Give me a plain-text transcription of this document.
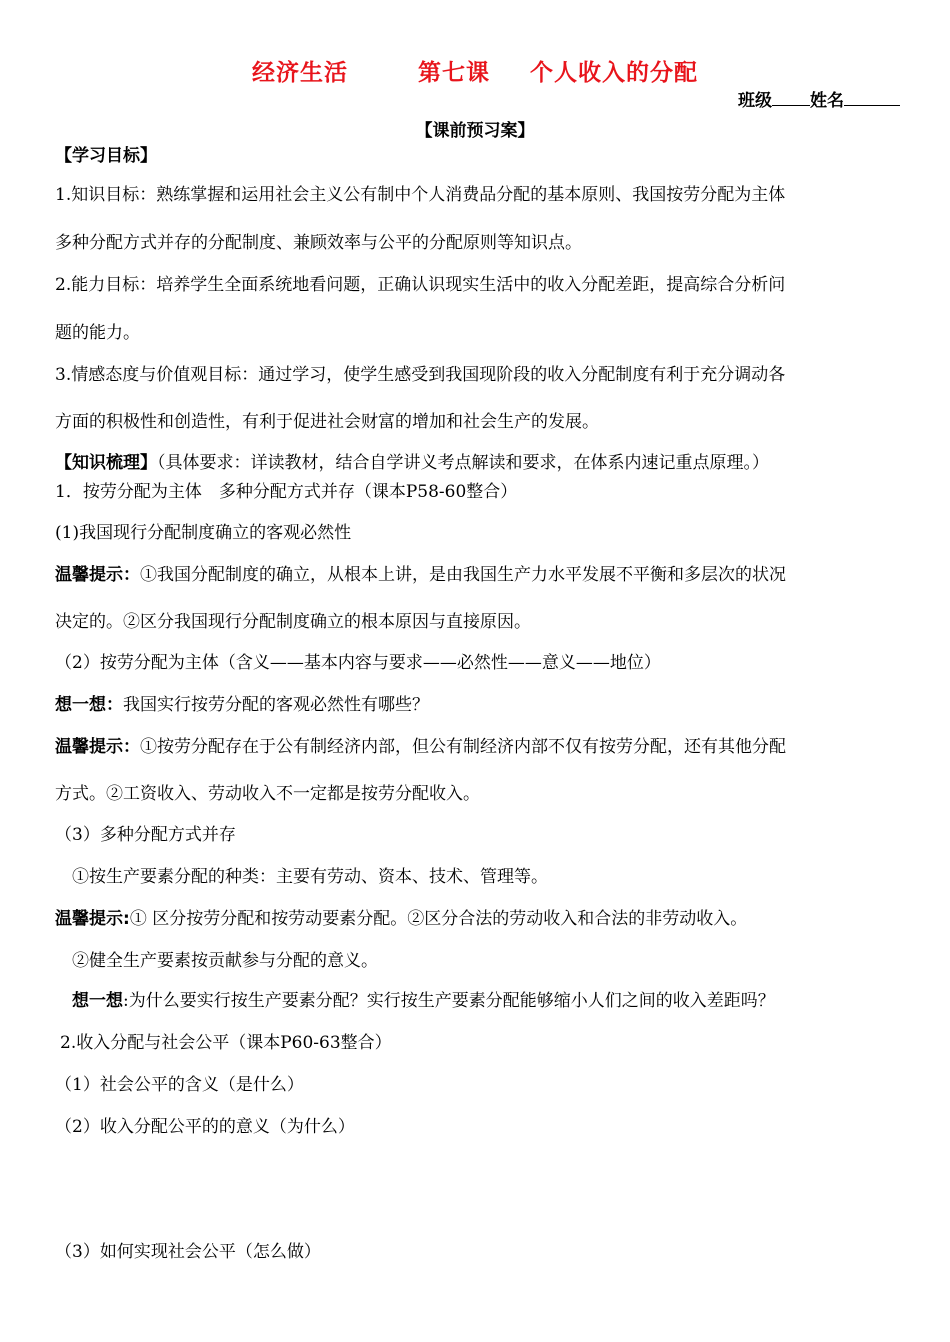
经济生活	第七课 个人收入的分配
班级 姓名
【课前预习案】
【学习目标】
1.知识目标：熟练掌握和运用社会主义公有制中个人消费品分配的基本原则、我国按劳分配为主体
多种分配方式并存的分配制度、兼顾效率与公平的分配原则等知识点。
2.能力目标：培养学生全面系统地看问题，正确认识现实生活中的收入分配差距，提高综合分析问
题的能力。
3.情感态度与价值观目标：通过学习，使学生感受到我国现阶段的收入分配制度有利于充分调动各
方面的积极性和创造性，有利于促进社会财富的增加和社会生产的发展。
【知识梳理】（具体要求：详读教材，结合自学讲义考点解读和要求，在体系内速记重点原理。）
1．按劳分配为主体　多种分配方式并存（课本P58-60整合）
(1)我国现行分配制度确立的客观必然性
温馨提示：①我国分配制度的确立，从根本上讲，是由我国生产力水平发展不平衡和多层次的状况
决定的。②区分我国现行分配制度确立的根本原因与直接原因。
（2）按劳分配为主体（含义——基本内容与要求——必然性——意义——地位）
想一想：我国实行按劳分配的客观必然性有哪些？
温馨提示：①按劳分配存在于公有制经济内部，但公有制经济内部不仅有按劳分配，还有其他分配
方式。②工资收入、劳动收入不一定都是按劳分配收入。
（3）多种分配方式并存
①按生产要素分配的种类：主要有劳动、资本、技术、管理等。
温馨提示:① 区分按劳分配和按劳动要素分配。②区分合法的劳动收入和合法的非劳动收入。
②健全生产要素按贡献参与分配的意义。
想一想:为什么要实行按生产要素分配？实行按生产要素分配能够缩小人们之间的收入差距吗？
2.收入分配与社会公平（课本P60-63整合）
（1）社会公平的含义（是什么）
（2）收入分配公平的的意义（为什么）
（3）如何实现社会公平（怎么做）
